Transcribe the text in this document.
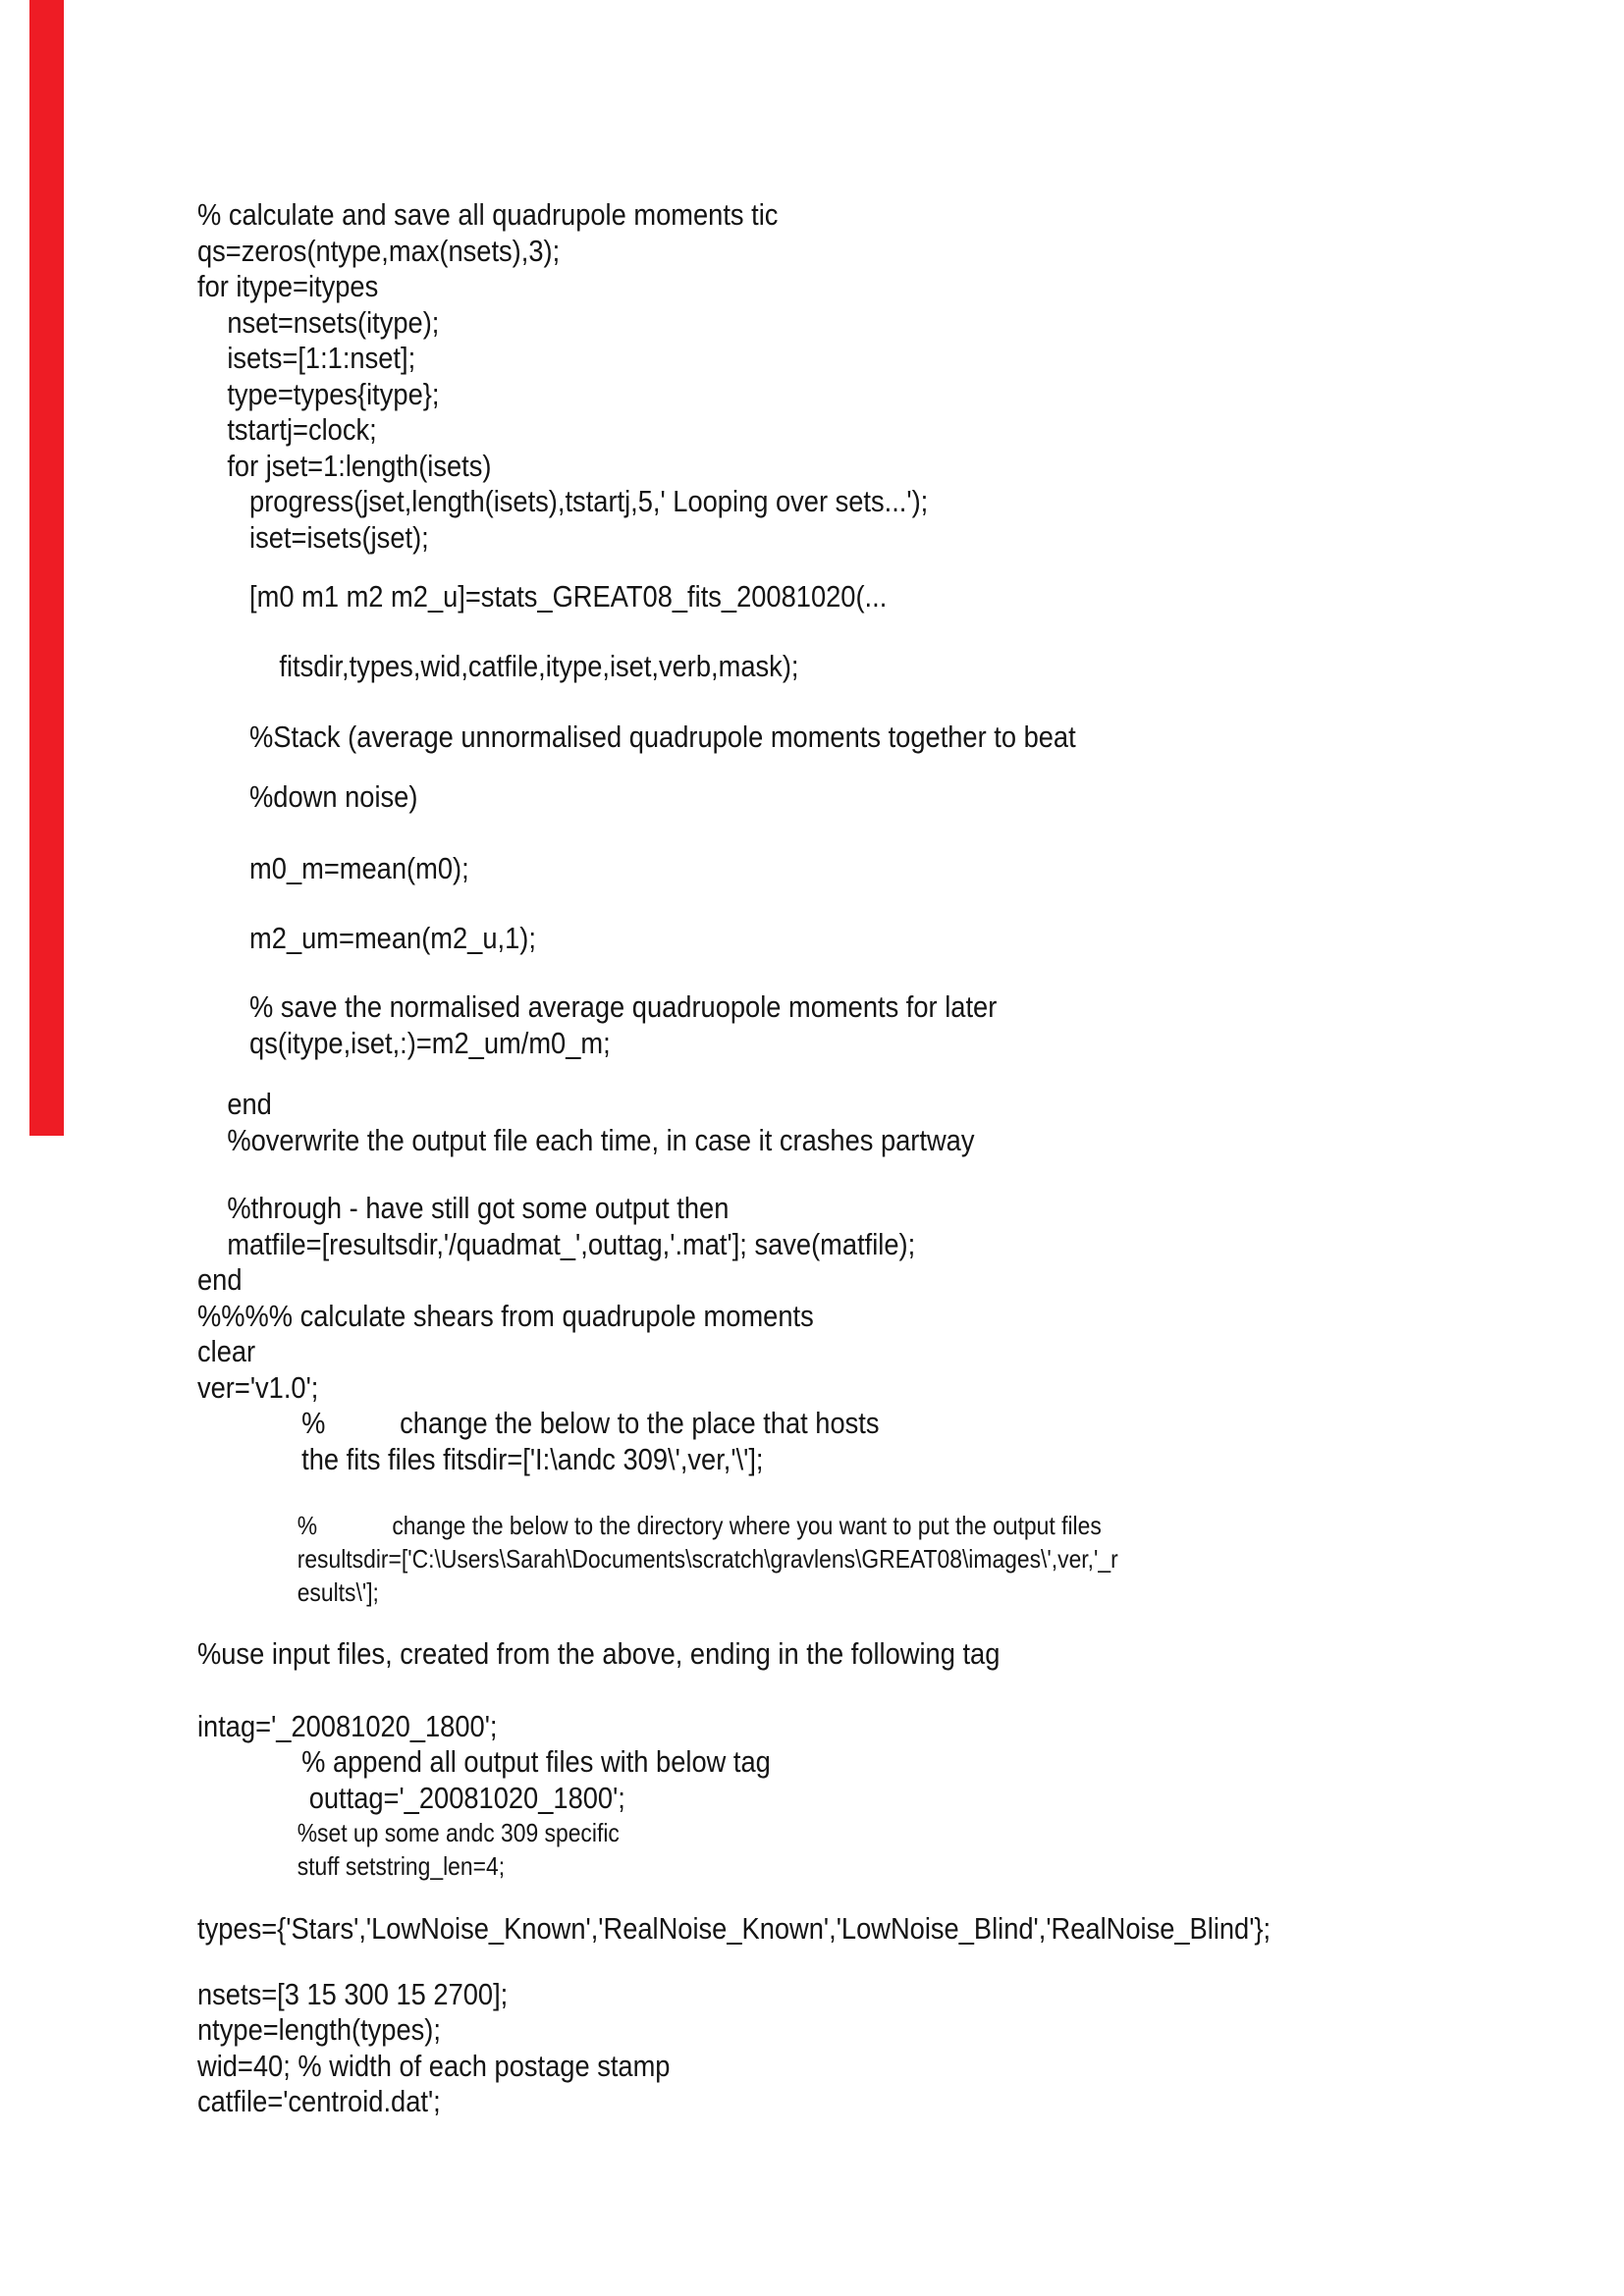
% calculate and save all quadrupole moments tic
qs=zeros(ntype,max(nsets),3);
for itype=itypes
nset=nsets(itype);
isets=[1:1:nset];
type=types{itype};
tstartj=clock;
for jset=1:length(isets)
progress(jset,length(isets),tstartj,5,' Looping over sets...');
iset=isets(jset);
[m0 m1 m2 m2_u]=stats_GREAT08_fits_20081020(...
fitsdir,types,wid,catfile,itype,iset,verb,mask);
%Stack (average unnormalised quadrupole moments together to beat
%down noise)
m0_m=mean(m0);
m2_um=mean(m2_u,1);
% save the normalised average quadruopole moments for later
qs(itype,iset,:)=m2_um/m0_m;
end
%overwrite the output file each time, in case it crashes partway
%through - have still got some output then
matfile=[resultsdir,'/quadmat_',outtag,'.mat']; save(matfile);
end
%%%% calculate shears from quadrupole moments
clear
ver='v1.0';
%          change the below to the place that hosts
the fits files fitsdir=['I:\andc 309\',ver,'\'];
%            change the below to the directory where you want to put the output files
resultsdir=['C:\Users\Sarah\Documents\scratch\gravlens\GREAT08\images\',ver,'_r
esults\'];
%use input files, created from the above, ending in the following tag
intag='_20081020_1800';
% append all output files with below tag
outtag='_20081020_1800';
%set up some andc 309 specific
stuff setstring_len=4;
types={'Stars','LowNoise_Known','RealNoise_Known','LowNoise_Blind','RealNoise_Blind'};
nsets=[3 15 300 15 2700];
ntype=length(types);
wid=40; % width of each postage stamp
catfile='centroid.dat';
